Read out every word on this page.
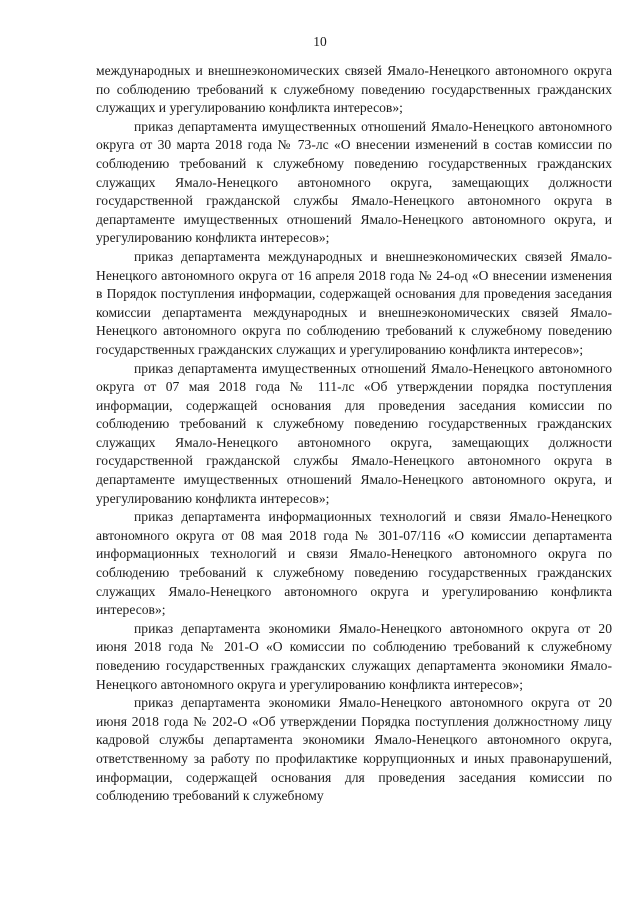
10

международных и внешнеэкономических связей Ямало-Ненецкого автономного округа по соблюдению требований к служебному поведению государственных гражданских служащих и урегулированию конфликта интересов»;

приказ департамента имущественных отношений Ямало-Ненецкого автономного округа от 30 марта 2018 года № 73-лс «О внесении изменений в состав комиссии по соблюдению требований к служебному поведению государственных гражданских служащих Ямало-Ненецкого автономного округа, замещающих должности государственной гражданской службы Ямало-Ненецкого автономного округа в департаменте имущественных отношений Ямало-Ненецкого автономного округа, и урегулированию конфликта интересов»;

приказ департамента международных и внешнеэкономических связей Ямало-Ненецкого автономного округа от 16 апреля 2018 года № 24-од «О внесении изменения в Порядок поступления информации, содержащей основания для проведения заседания комиссии департамента международных и внешнеэкономических связей Ямало-Ненецкого автономного округа по соблюдению требований к служебному поведению государственных гражданских служащих и урегулированию конфликта интересов»;

приказ департамента имущественных отношений Ямало-Ненецкого автономного округа от 07 мая 2018 года № 111-лс «Об утверждении порядка поступления информации, содержащей основания для проведения заседания комиссии по соблюдению требований к служебному поведению государственных гражданских служащих Ямало-Ненецкого автономного округа, замещающих должности государственной гражданской службы Ямало-Ненецкого автономного округа в департаменте имущественных отношений Ямало-Ненецкого автономного округа, и урегулированию конфликта интересов»;

приказ департамента информационных технологий и связи Ямало-Ненецкого автономного округа от 08 мая 2018 года № 301-07/116 «О комиссии департамента информационных технологий и связи Ямало-Ненецкого автономного округа по соблюдению требований к служебному поведению государственных гражданских служащих Ямало-Ненецкого автономного округа и урегулированию конфликта интересов»;

приказ департамента экономики Ямало-Ненецкого автономного округа от 20 июня 2018 года № 201-О «О комиссии по соблюдению требований к служебному поведению государственных гражданских служащих департамента экономики Ямало-Ненецкого автономного округа и урегулированию конфликта интересов»;

приказ департамента экономики Ямало-Ненецкого автономного округа от 20 июня 2018 года № 202-О «Об утверждении Порядка поступления должностному лицу кадровой службы департамента экономики Ямало-Ненецкого автономного округа, ответственному за работу по профилактике коррупционных и иных правонарушений, информации, содержащей основания для проведения заседания комиссии по соблюдению требований к служебному
